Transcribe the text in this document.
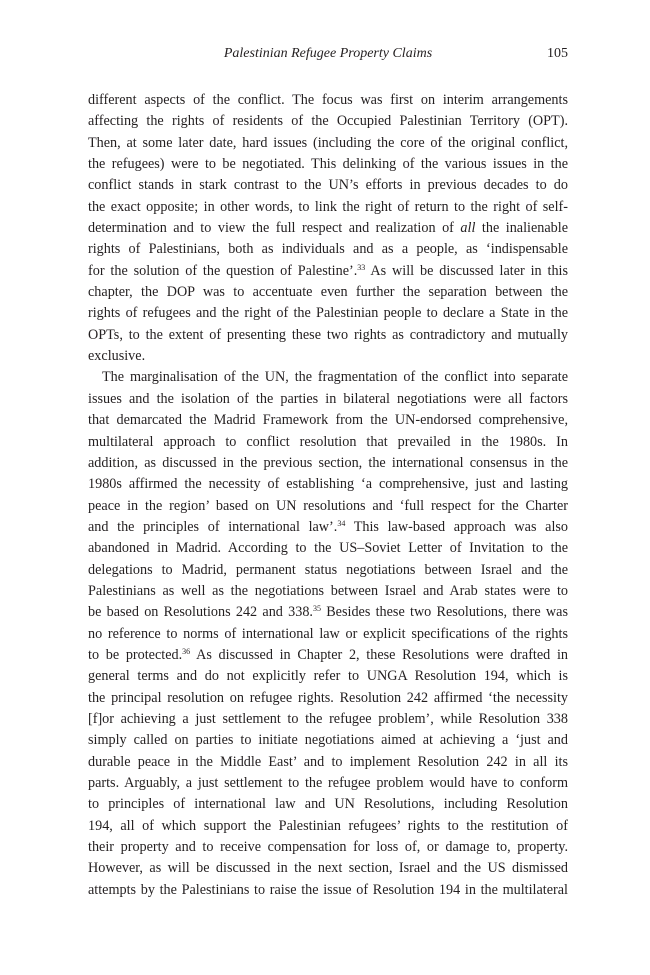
Palestinian Refugee Property Claims	105

different aspects of the conflict. The focus was first on interim arrangements
affecting the rights of residents of the Occupied Palestinian Territory (OPT).
Then, at some later date, hard issues (including the core of the original conflict,
the refugees) were to be negotiated. This delinking of the various issues in the
conflict stands in stark contrast to the UN’s efforts in previous decades to do
the exact opposite; in other words, to link the right of return to the right of self-
determination and to view the full respect and realization of all the inalienable
rights of Palestinians, both as individuals and as a people, as ‘indispensable
for the solution of the question of Palestine’.$^{33}$ As will be discussed later in this
chapter, the DOP was to accentuate even further the separation between the
rights of refugees and the right of the Palestinian people to declare a State in the
OPTs, to the extent of presenting these two rights as contradictory and mutually
exclusive.

The marginalisation of the UN, the fragmentation of the conflict into separate
issues and the isolation of the parties in bilateral negotiations were all factors
that demarcated the Madrid Framework from the UN-endorsed comprehensive,
multilateral approach to conflict resolution that prevailed in the 1980s. In
addition, as discussed in the previous section, the international consensus in the
1980s affirmed the necessity of establishing ‘a comprehensive, just and lasting
peace in the region’ based on UN resolutions and ‘full respect for the Charter
and the principles of international law’.$^{34}$ This law-based approach was also
abandoned in Madrid. According to the US–Soviet Letter of Invitation to the
delegations to Madrid, permanent status negotiations between Israel and the
Palestinians as well as the negotiations between Israel and Arab states were to
be based on Resolutions 242 and 338.35 Besides these two Resolutions, there was
no reference to norms of international law or explicit specifications of the rights
to be protected.$^{36}$ As discussed in Chapter 2, these Resolutions were drafted in
general terms and do not explicitly refer to UNGA Resolution 194, which is
the principal resolution on refugee rights. Resolution 242 affirmed ‘the necessity
[f]or achieving a just settlement to the refugee problem’, while Resolution 338
simply called on parties to initiate negotiations aimed at achieving a ‘just and
durable peace in the Middle East’ and to implement Resolution 242 in all its
parts. Arguably, a just settlement to the refugee problem would have to conform
to principles of international law and UN Resolutions, including Resolution
194, all of which support the Palestinian refugees’ rights to the restitution of
their property and to receive compensation for loss of, or damage to, property.
However, as will be discussed in the next section, Israel and the US dismissed
attempts by the Palestinians to raise the issue of Resolution 194 in the multilateral
